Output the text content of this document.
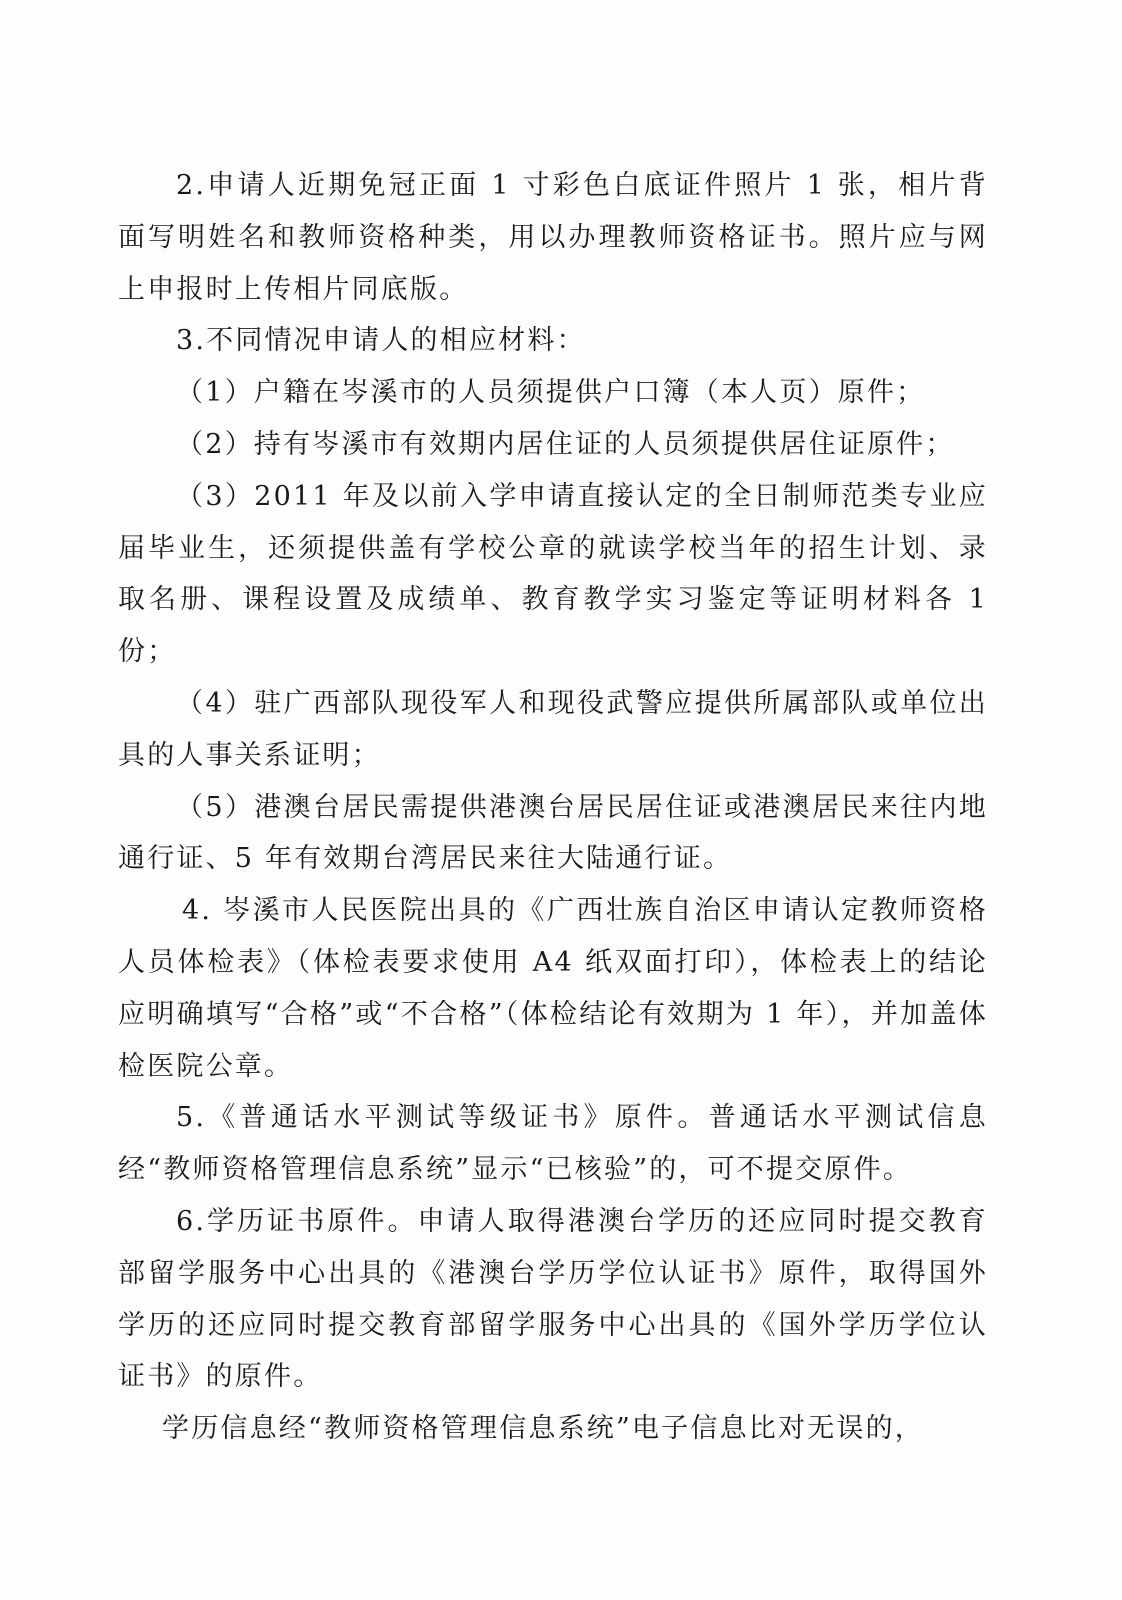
2.申请人近期免冠正面 1 寸彩色白底证件照片 1 张，相片背面写明姓名和教师资格种类，用以办理教师资格证书。照片应与网上申报时上传相片同底版。

3.不同情况申请人的相应材料：

（1）户籍在岑溪市的人员须提供户口簿（本人页）原件；

（2）持有岑溪市有效期内居住证的人员须提供居住证原件；

（3）2011 年及以前入学申请直接认定的全日制师范类专业应届毕业生，还须提供盖有学校公章的就读学校当年的招生计划、录取名册、课程设置及成绩单、教育教学实习鉴定等证明材料各 1 份；

（4）驻广西部队现役军人和现役武警应提供所属部队或单位出具的人事关系证明；

（5）港澳台居民需提供港澳台居民居住证或港澳居民来往内地通行证、5 年有效期台湾居民来往大陆通行证。

4. 岑溪市人民医院出具的《广西壮族自治区申请认定教师资格人员体检表》（体检表要求使用 A4 纸双面打印），体检表上的结论应明确填写“合格”或“不合格”（体检结论有效期为 1 年），并加盖体检医院公章。

5.《普通话水平测试等级证书》原件。普通话水平测试信息经“教师资格管理信息系统”显示“已核验”的，可不提交原件。

6.学历证书原件。申请人取得港澳台学历的还应同时提交教育部留学服务中心出具的《港澳台学历学位认证书》原件，取得国外学历的还应同时提交教育部留学服务中心出具的《国外学历学位认证书》的原件。

学历信息经“教师资格管理信息系统”电子信息比对无误的，
